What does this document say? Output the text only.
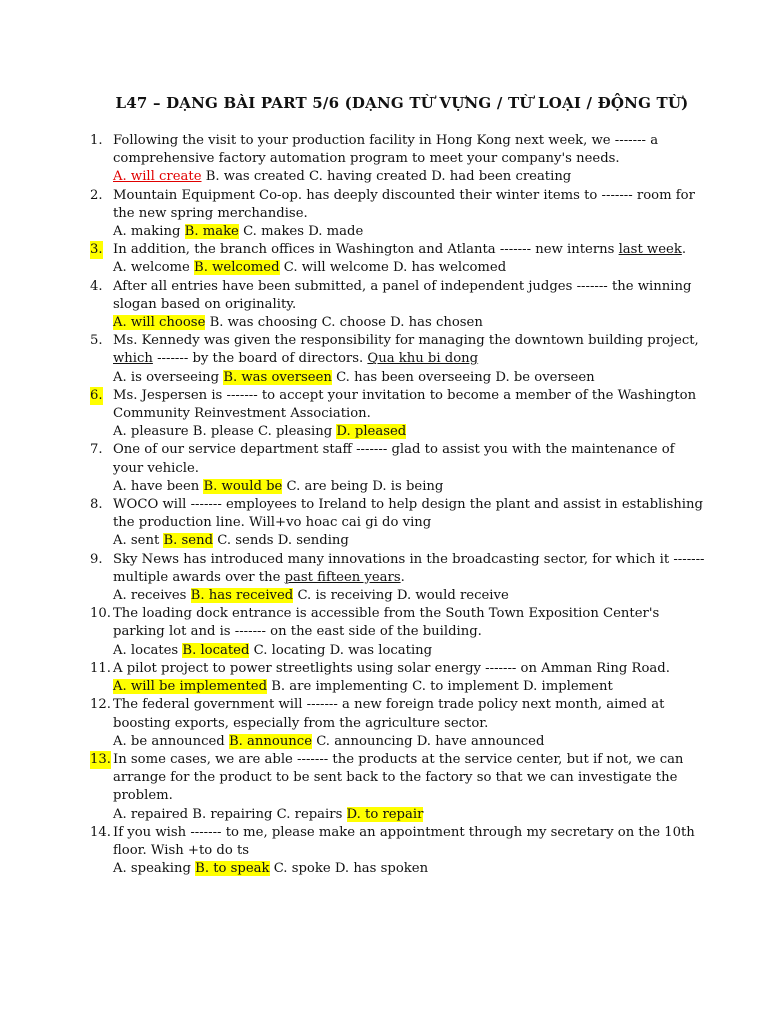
L47 – DẠNG BÀI PART 5/6 (DẠNG TỪ VỰNG / TỪ LOẠI / ĐỘNG TỪ)
1. Following the visit to your production facility in Hong Kong next week, we ------- a comprehensive factory automation program to meet your company's needs.
A. will create B. was created C. having created D. had been creating
2. Mountain Equipment Co-op. has deeply discounted their winter items to ------- room for the new spring merchandise.
A. making B. make C. makes D. made
3. In addition, the branch offices in Washington and Atlanta ------- new interns last week.
A. welcome B. welcomed C. will welcome D. has welcomed
4. After all entries have been submitted, a panel of independent judges ------- the winning slogan based on originality.
A. will choose B. was choosing C. choose D. has chosen
5. Ms. Kennedy was given the responsibility for managing the downtown building project, which ------- by the board of directors. Qua khu bi dong
A. is overseeing B. was overseen C. has been overseeing D. be overseen
6. Ms. Jespersen is ------- to accept your invitation to become a member of the Washington Community Reinvestment Association.
A. pleasure B. please C. pleasing D. pleased
7. One of our service department staff ------- glad to assist you with the maintenance of your vehicle.
A. have been B. would be C. are being D. is being
8. WOCO will ------- employees to Ireland to help design the plant and assist in establishing the production line. Will+vo hoac cai gi do ving
A. sent B. send C. sends D. sending
9. Sky News has introduced many innovations in the broadcasting sector, for which it ------- multiple awards over the past fifteen years.
A. receives B. has received C. is receiving D. would receive
10. The loading dock entrance is accessible from the South Town Exposition Center's parking lot and is ------- on the east side of the building.
A. locates B. located C. locating D. was locating
11. A pilot project to power streetlights using solar energy ------- on Amman Ring Road.
A. will be implemented B. are implementing C. to implement D. implement
12. The federal government will ------- a new foreign trade policy next month, aimed at boosting exports, especially from the agriculture sector.
A. be announced B. announce C. announcing D. have announced
13. In some cases, we are able ------- the products at the service center, but if not, we can arrange for the product to be sent back to the factory so that we can investigate the problem.
A. repaired B. repairing C. repairs D. to repair
14. If you wish ------- to me, please make an appointment through my secretary on the 10th floor. Wish +to do ts
A. speaking B. to speak C. spoke D. has spoken
